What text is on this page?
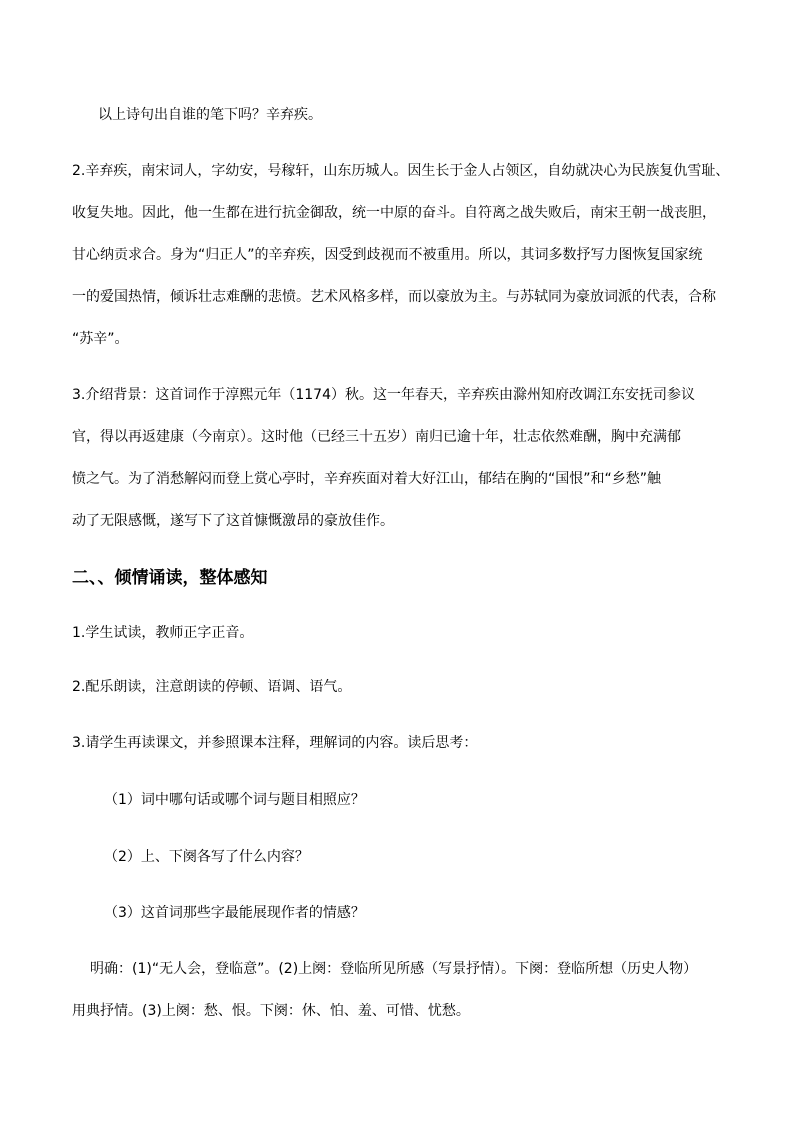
以上诗句出自谁的笔下吗？辛弃疾。
2.辛弃疾，南宋词人，字幼安，号稼轩，山东历城人。因生长于金人占领区，自幼就决心为民族复仇雪耻、
收复失地。因此，他一生都在进行抗金御敌，统一中原的奋斗。自符离之战失败后，南宋王朝一战丧胆，
甘心纳贡求合。身为“归正人”的辛弃疾，因受到歧视而不被重用。所以，其词多数抒写力图恢复国家统
一的爱国热情，倾诉壮志难酬的悲愤。艺术风格多样，而以豪放为主。与苏轼同为豪放词派的代表，合称
“苏辛”。
3.介绍背景：这首词作于淳熙元年（1174）秋。这一年春天，辛弃疾由滁州知府改调江东安抚司参议
官，得以再返建康（今南京）。这时他（已经三十五岁）南归已逾十年，壮志依然难酬，胸中充满郁
愤之气。为了消愁解闷而登上赏心亭时，辛弃疾面对着大好江山，郁结在胸的“国恨”和“乡愁”触
动了无限感慨，遂写下了这首慷慨激昂的豪放佳作。
二、、倾情诵读，整体感知
1.学生试读，教师正字正音。
2.配乐朗读，注意朗读的停顿、语调、语气。
3.请学生再读课文，并参照课本注释，理解词的内容。读后思考：
（1）词中哪句话或哪个词与题目相照应？
（2）上、下阕各写了什么内容？
（3）这首词那些字最能展现作者的情感？
明确：(1)“无人会，登临意”。(2)上阕：登临所见所感（写景抒情）。下阕：登临所想（历史人物）
用典抒情。(3)上阕：愁、恨。下阕：休、怕、羞、可惜、忧愁。
